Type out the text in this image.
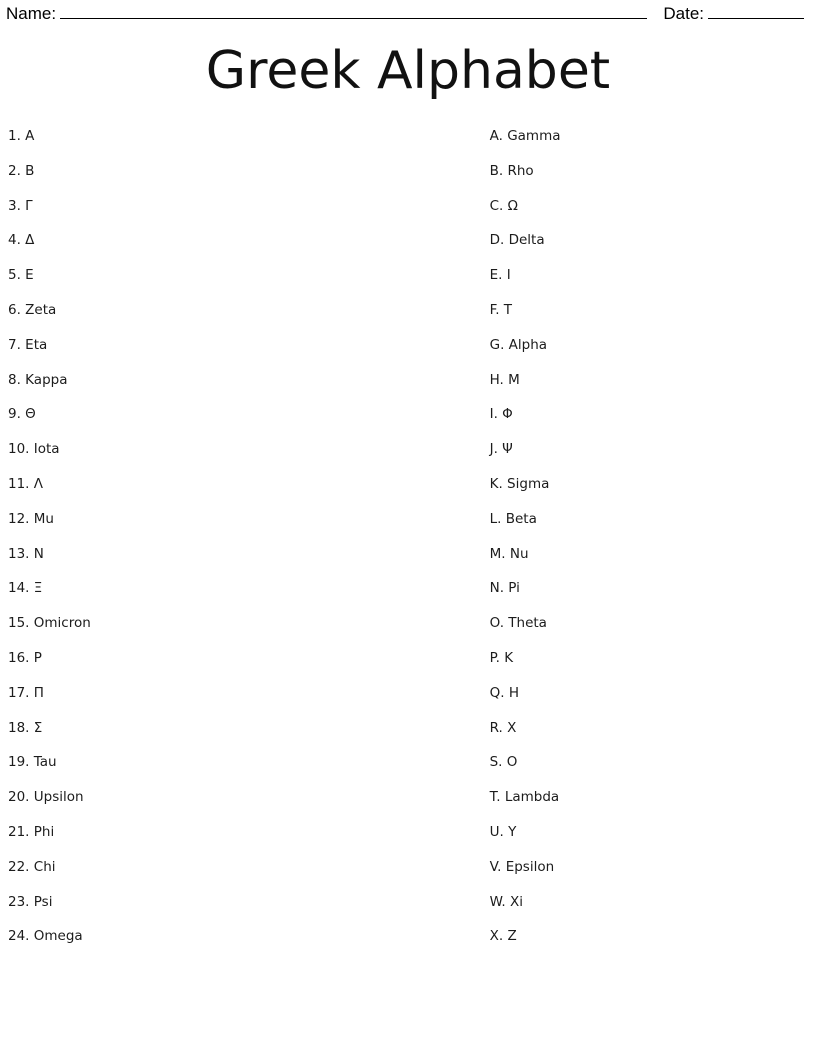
Name:	Date:
Greek Alphabet
1. Α
2. Β
3. Γ
4. Δ
5. Ε
6. Zeta
7. Eta
8. Kappa
9. Θ
10. Iota
11. Λ
12. Μu
13. Ν
14. Ξ
15. Omicron
16. Ρ
17. Π
18. Σ
19. Tau
20. Upsilon
21. Phi
22. Chi
23. Psi
24. Omega
A. Gamma
B. Rho
C. Ω
D. Delta
E. Ι
F. Τ
G. Alpha
H. Μ
I. Φ
J. Ψ
K. Sigma
L. Beta
M. Nu
N. Pi
O. Theta
P. Κ
Q. Η
R. Χ
S. Ο
T. Lambda
U. Υ
V. Epsilon
W. Xi
X. Ζ
